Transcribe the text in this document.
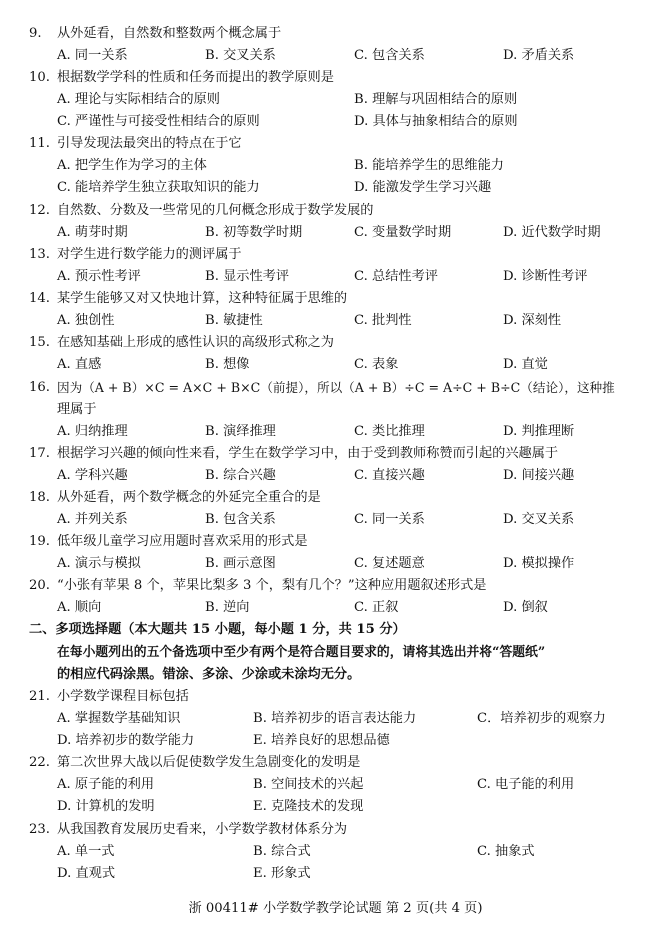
9. 从外延看，自然数和整数两个概念属于
A. 同一关系	B. 交叉关系	C. 包含关系	D. 矛盾关系
10. 根据数学学科的性质和任务而提出的教学原则是
A. 理论与实际相结合的原则	B. 理解与巩固相结合的原则
C. 严谨性与可接受性相结合的原则	D. 具体与抽象相结合的原则
11. 引导发现法最突出的特点在于它
A. 把学生作为学习的主体	B. 能培养学生的思维能力
C. 能培养学生独立获取知识的能力	D. 能激发学生学习兴趣
12. 自然数、分数及一些常见的几何概念形成于数学发展的
A. 萌芽时期	B. 初等数学时期	C. 变量数学时期	D. 近代数学时期
13. 对学生进行数学能力的测评属于
A. 预示性考评	B. 显示性考评	C. 总结性考评	D. 诊断性考评
14. 某学生能够又对又快地计算，这种特征属于思维的
A. 独创性	B. 敏捷性	C. 批判性	D. 深刻性
15. 在感知基础上形成的感性认识的高级形式称之为
A. 直感	B. 想像	C. 表象	D. 直觉
16. 因为（A + B）×C = A×C + B×C（前提），所以（A + B）÷C = A÷C + B÷C（结论），这种推
理属于
A. 归纳推理	B. 演绎推理	C. 类比推理	D. 判推理断
17. 根据学习兴趣的倾向性来看，学生在数学学习中，由于受到教师称赞而引起的兴趣属于
A. 学科兴趣	B. 综合兴趣	C. 直接兴趣	D. 间接兴趣
18. 从外延看，两个数学概念的外延完全重合的是
A. 并列关系	B. 包含关系	C. 同一关系	D. 交叉关系
19. 低年级儿童学习应用题时喜欢采用的形式是
A. 演示与模拟	B. 画示意图	C. 复述题意	D. 模拟操作
20. “小张有苹果 8 个，苹果比梨多 3 个，梨有几个？”这种应用题叙述形式是
A. 顺向	B. 逆向	C. 正叙	D. 倒叙
二、多项选择题（本大题共 15 小题，每小题 1 分，共 15 分）
在每小题列出的五个备选项中至少有两个是符合题目要求的，请将其选出并将“答题纸”
的相应代码涂黑。错涂、多涂、少涂或未涂均无分。
21. 小学数学课程目标包括
A. 掌握数学基础知识	B. 培养初步的语言表达能力	C．培养初步的观察力
D. 培养初步的数学能力	E. 培养良好的思想品德
22. 第二次世界大战以后促使数学发生急剧变化的发明是
A. 原子能的利用	B. 空间技术的兴起	C. 电子能的利用
D. 计算机的发明	E. 克隆技术的发现
23. 从我国教育发展历史看来，小学数学教材体系分为
A. 单一式	B. 综合式	C. 抽象式
D. 直观式	E. 形象式
浙 00411# 小学数学教学论试题 第 2 页(共 4 页)
